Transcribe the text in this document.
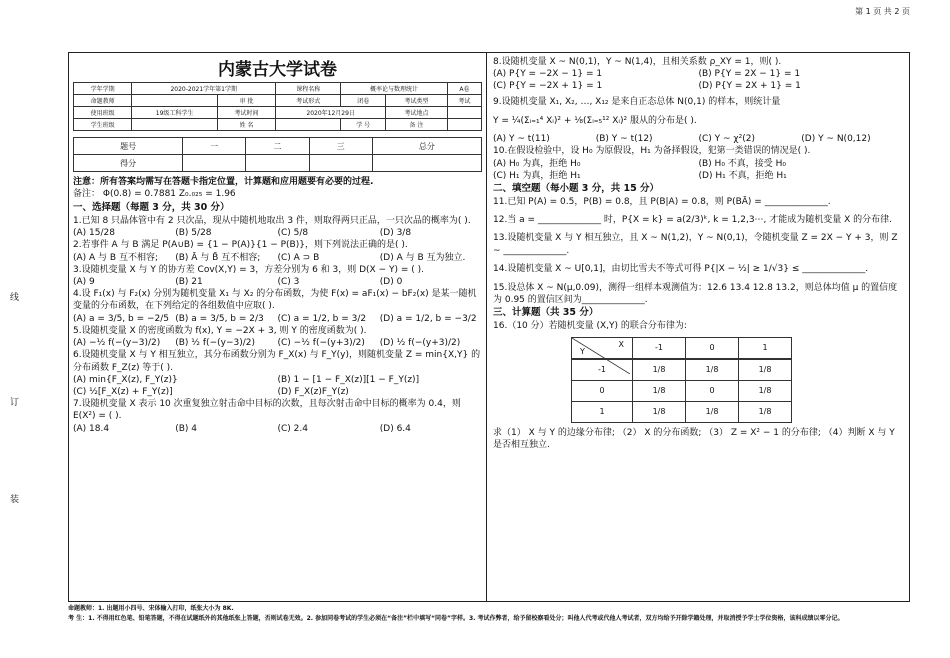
第 1 页 共 2 页
线
订
装
内蒙古大学试卷
学年学期	2020-2021学年第1学期		课程名称	概率论与数理统计		A卷
命题教师		审 批	考试形式	闭卷	考试类型	考试
使用班级	19级工科学生	考试时间	2020年12月29日		考试地点	
学生班级		姓 名		学 号	备 注	
题号	一	二	三	总分
得分				
注意：所有答案均需写在答题卡指定位置，计算题和应用题要有必要的过程.
备注： Φ(0.8) = 0.7881 Z₀.₀₂₅ = 1.96
一、选择题（每题 3 分，共 30 分）
1.已知 8 只晶体管中有 2 只次品，现从中随机地取出 3 件，则取得两只正品，一只次品的概率为( ).
(A) 15/28	(B) 5/28	(C) 5/8	(D) 3/8
2.若事件 A 与 B 满足 P(A∪B) = {1 − P(A)}{1 − P(B)}，则下列说法正确的是( ).
(A) A 与 B 互不相容;	(B) Ā 与 B̄ 互不相容;	(C) A ⊃ B	(D) A 与 B 互为独立.
3.设随机变量 X 与 Y 的协方差 Cov(X,Y) = 3，方差分别为 6 和 3，则 D(X − Y) = ( ).
(A) 9	(B) 21	(C) 3	(D) 0
4.设 F₁(x) 与 F₂(x) 分别为随机变量 X₁ 与 X₂ 的分布函数，为使 F(x) = aF₁(x) − bF₂(x) 是某一随机变量的分布函数，在下列给定的各组数值中应取( ).
(A) a = 3/5, b = −2/5 (B) a = 3/5, b = 2/3	(C) a = 1/2, b = 3/2	(D) a = 1/2, b = −3/2
5.设随机变量 X 的密度函数为 f(x), Y = −2X + 3, 则 Y 的密度函数为( ).
(A) −½ f(−(y−3)/2)	(B) ½ f(−(y−3)/2)	(C) −½ f(−(y+3)/2)	(D) ½ f(−(y+3)/2)
6.设随机变量 X 与 Y 相互独立，其分布函数分别为 F_X(x) 与 F_Y(y)，则随机变量 Z = min{X,Y} 的分布函数 F_Z(z) 等于( ).
(A) min{F_X(z), F_Y(z)}	(B) 1 − [1 − F_X(z)][1 − F_Y(z)]
(C) ½[F_X(z) + F_Y(z)]	(D) F_X(z)F_Y(z)
7.设随机变量 X 表示 10 次重复独立射击命中目标的次数，且每次射击命中目标的概率为 0.4，则 E(X²) = ( ).
(A) 18.4	(B) 4	(C) 2.4	(D) 6.4
8.设随机变量 X ~ N(0,1)，Y ~ N(1,4)，且相关系数 ρ_XY = 1，则( ).
(A) P{Y = −2X − 1} = 1	(B) P{Y = 2X − 1} = 1
(C) P{Y = −2X + 1} = 1	(D) P{Y = 2X + 1} = 1
9.设随机变量 X₁, X₂, …, X₁₂ 是来自正态总体 N(0,1) 的样本，则统计量
Y = ¼(Σᵢ₌₁⁴ Xᵢ)² + ⅛(Σᵢ₌₅¹² Xᵢ)² 服从的分布是( ).
(A) Y ~ t(11)	(B) Y ~ t(12)	(C) Y ~ χ²(2)	(D) Y ~ N(0,12)
10.在假设检验中，设 H₀ 为原假设，H₁ 为备择假设，犯第一类错误的情况是( ).
(A) H₀ 为真，拒绝 H₀	(B) H₀ 不真，接受 H₀
(C) H₁ 为真，拒绝 H₁	(D) H₁ 不真，拒绝 H₁
二、填空题（每小题 3 分，共 15 分）
11.已知 P(A) = 0.5，P(B) = 0.8，且 P(B|A) = 0.8，则 P(BĀ) = ______________.
12.当 a = ______________ 时，P{X = k} = a(2/3)ᵏ, k = 1,2,3⋯, 才能成为随机变量 X 的分布律.
13.设随机变量 X 与 Y 相互独立，且 X ~ N(1,2)，Y ~ N(0,1)，令随机变量 Z = 2X − Y + 3，则 Z ~ ______________.
14.设随机变量 X ~ U[0,1]，由切比雪夫不等式可得 P{|X − ½| ≥ 1/√3} ≤ ______________.
15.设总体 X ~ N(μ,0.09)，测得一组样本观测值为：12.6 13.4 12.8 13.2，则总体均值 μ 的置信度为 0.95 的置信区间为______________.
三、计算题（共 35 分）
16.（10 分）若随机变量 (X,Y) 的联合分布律为:
X
Y	-1	0	1

-1	1/8	1/8	1/8
0	1/8	0	1/8
1	1/8	1/8	1/8
求（1） X 与 Y 的边缘分布律; （2） X 的分布函数; （3） Z = X² − 1 的分布律; （4）判断 X 与 Y 是否相互独立.
命题教师：1. 出题用小四号、宋体输入打印，纸张大小为 8K.
考 生：1. 不得用红色笔、铅笔答题，不得在试题纸外的其他纸张上答题，否则试卷无效。2. 参加同卷考试的学生必须在“备注”栏中填写“同卷”字样。3. 考试作弊者，给予留校察看处分；叫他人代考或代他人考试者，双方均给予开除学籍处理，并取消授予学士学位资格，该科成绩以零分记。
